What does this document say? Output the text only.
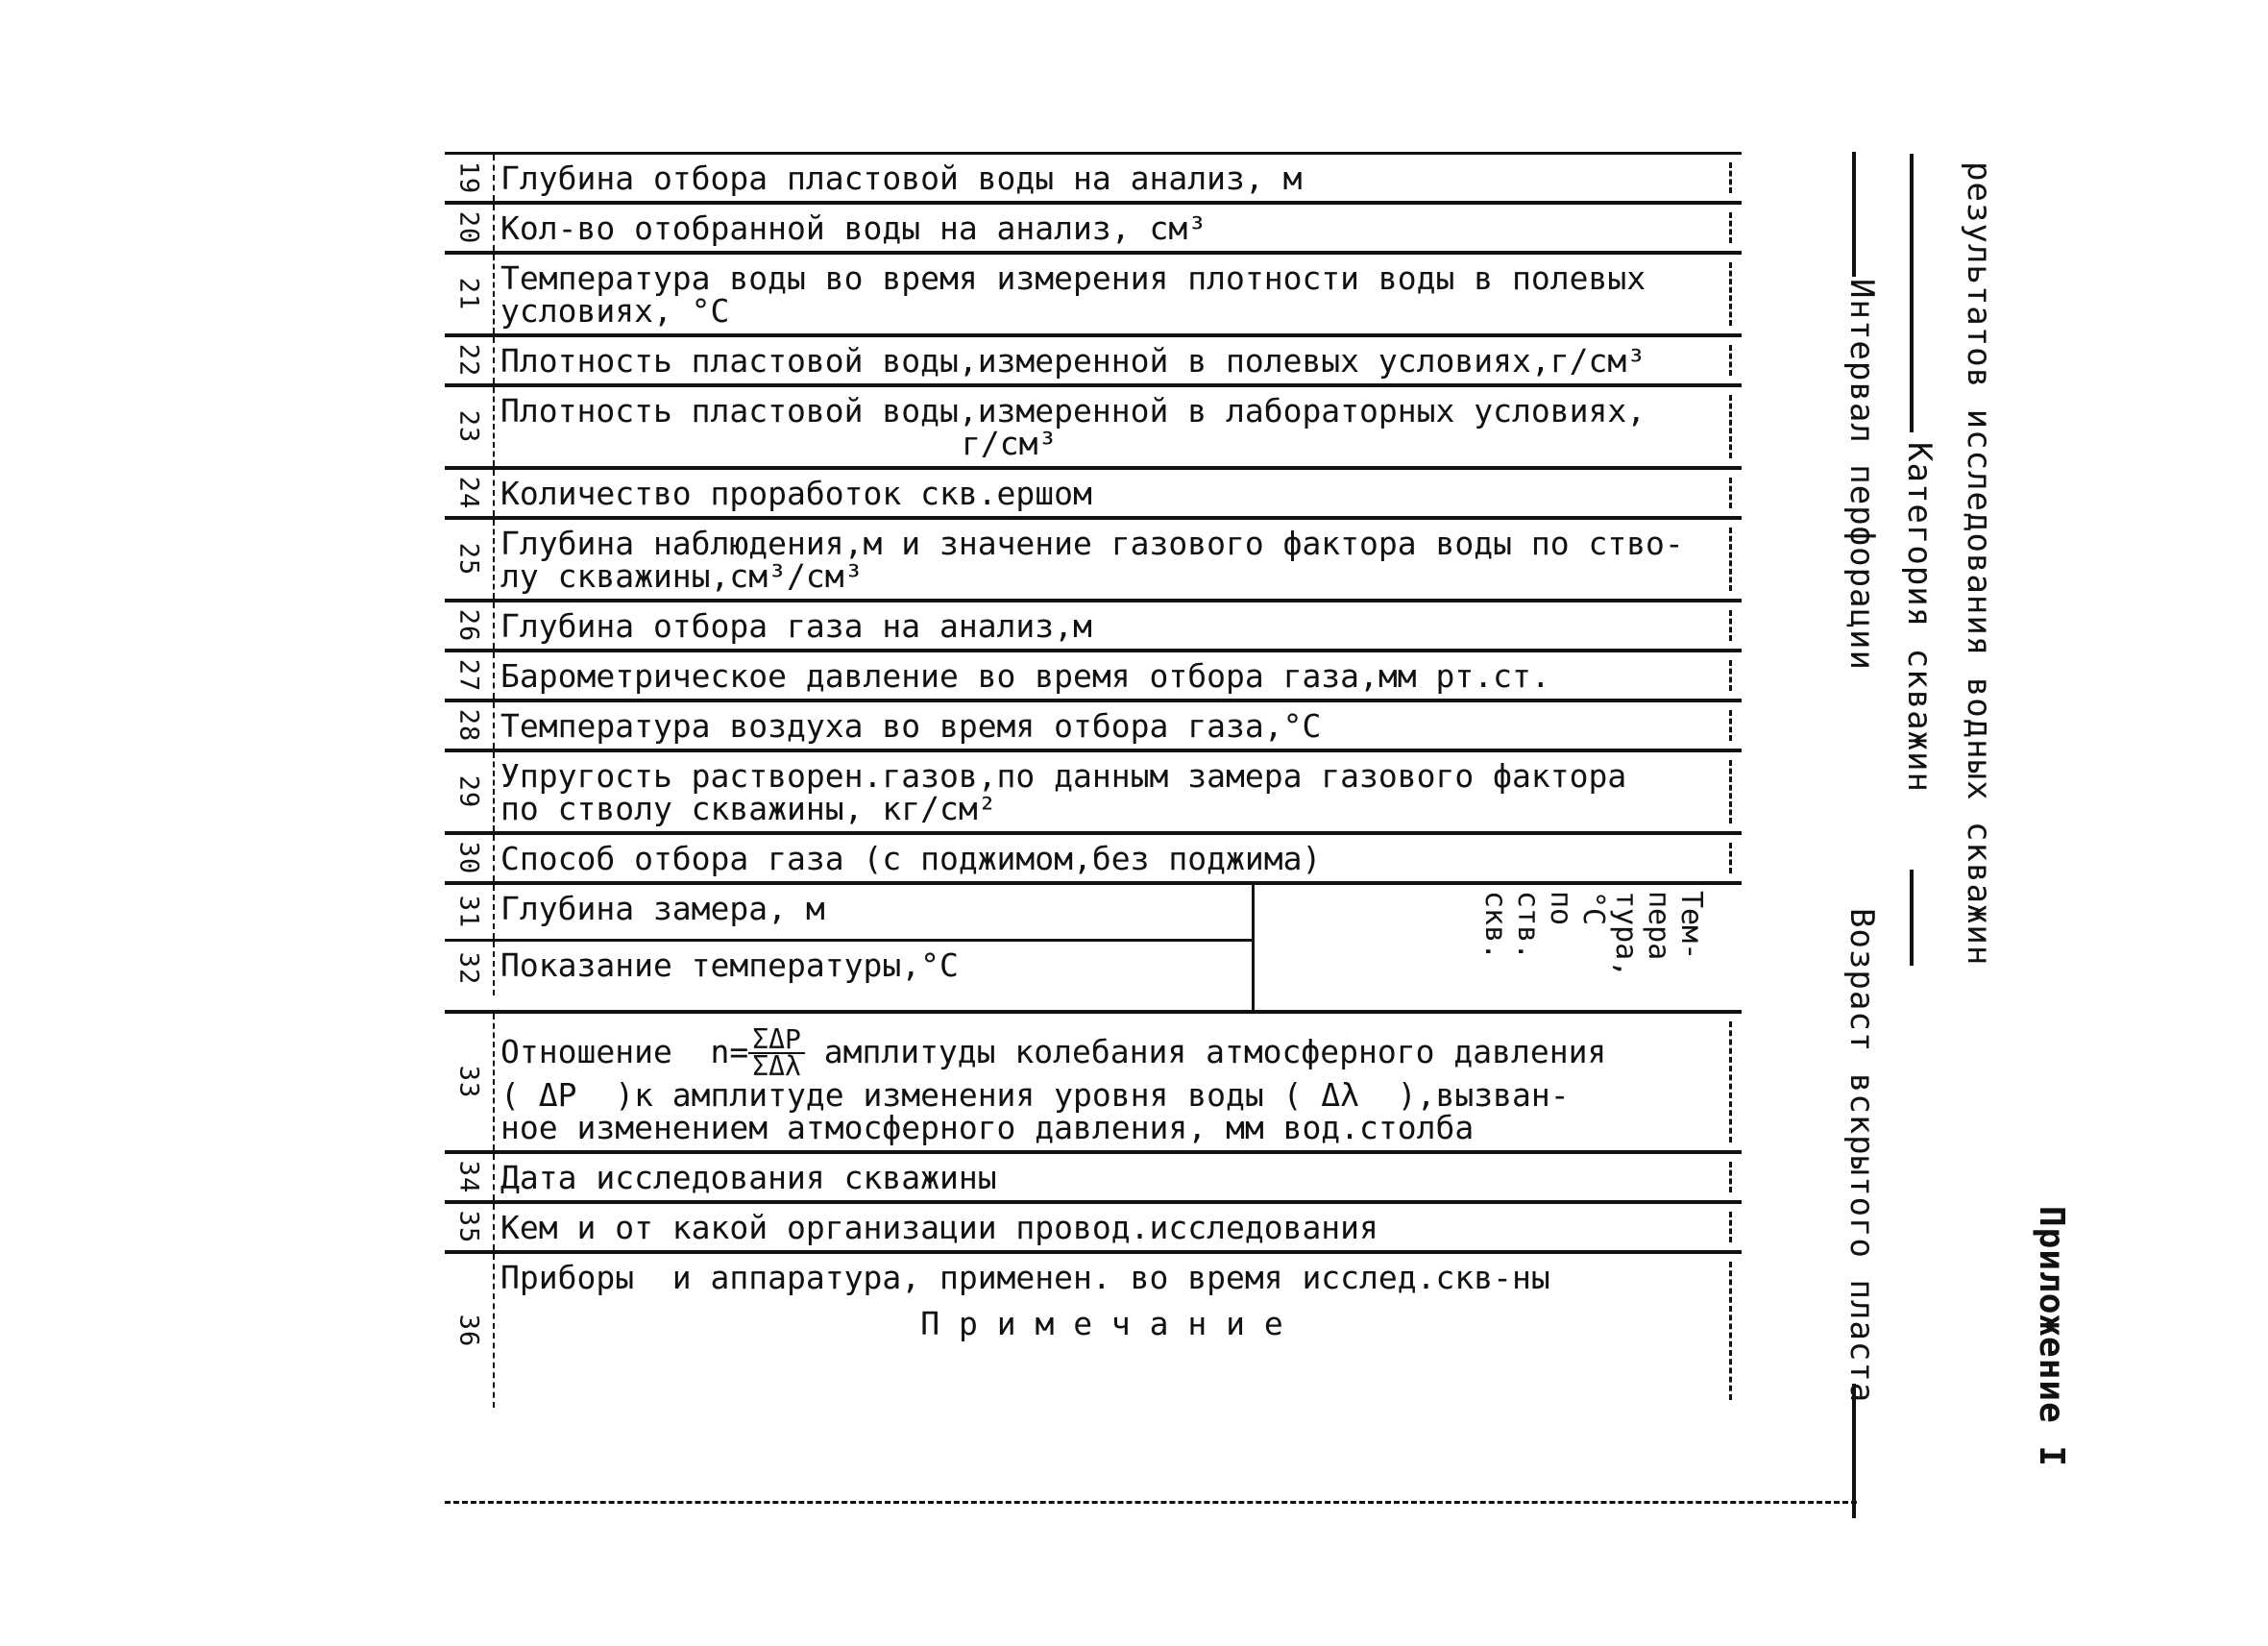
19 Глубина отбора пластовой воды на анализ, м
20 Кол-во отобранной воды на анализ, см³
21 Температура воды во время измерения плотности воды в полевых
условиях, °С
22 Плотность пластовой воды,измеренной в полевых условиях,г/см³
23 Плотность пластовой воды,измеренной в лабораторных условиях,
г/см³
24 Количество проработок скв.ершом
25 Глубина наблюдения,м и значение газового фактора воды по ство-
лу скважины,см³/см³
26 Глубина отбора газа на анализ,м
27 Барометрическое давление во время отбора газа,мм рт.ст.
28 Температура воздуха во время отбора газа,°С
29 Упругость растворен.газов,по данным замера газового фактора
по стволу скважины, кг/см²
30 Способ отбора газа (с поджимом,без поджима)
31 Глубина замера, м
32 Показание температуры,°С
Тем-
пера
тура,
°С
по
ств.
скв.
33
Отношение  $n= \frac{\text{ΣΔP}}{\text{ΣΔλ}}$ амплитуды колебания атмосферного давления
( ΔP  )к амплитуде изменения уровня воды ( Δλ  ),вызван-
ное изменением атмосферного давления, мм вод.столба
34 Дата исследования скважины
35 Кем и от какой организации провод.исследования
36
Приборы  и аппаратура, применен. во время исслед.скв-ны
П р и м е ч а н и е	Приложение I
результатов исследования водных скважин
Категория скважин
Интервал перфорации
Возраст вскрытого пласта
